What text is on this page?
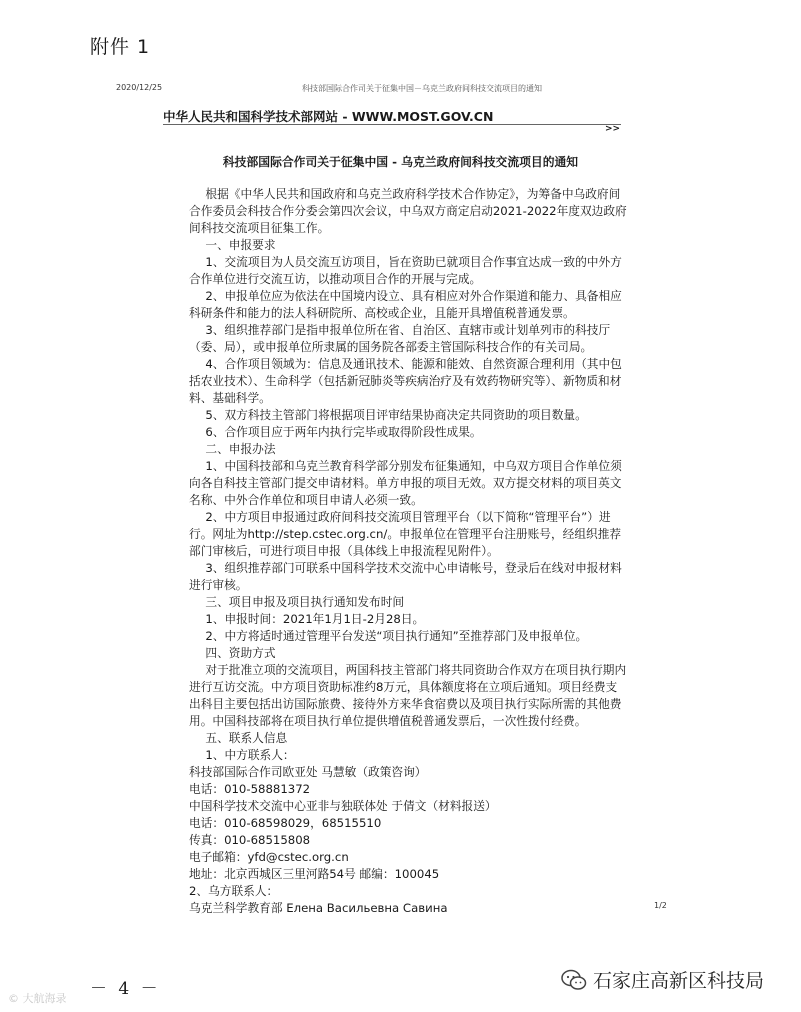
附件 1
2020/12/25	科技部国际合作司关于征集中国－乌克兰政府间科技交流项目的通知
中华人民共和国科学技术部网站 - WWW.MOST.GOV.CN
>>
科技部国际合作司关于征集中国 - 乌克兰政府间科技交流项目的通知

根据《中华人民共和国政府和乌克兰政府科学技术合作协定》，为筹备中乌政府间合作委员会科技合作分委会第四次会议，中乌双方商定启动2021-2022年度双边政府间科技交流项目征集工作。

一、申报要求

1、交流项目为人员交流互访项目，旨在资助已就项目合作事宜达成一致的中外方合作单位进行交流互访，以推动项目合作的开展与完成。

2、申报单位应为依法在中国境内设立、具有相应对外合作渠道和能力、具备相应科研条件和能力的法人科研院所、高校或企业，且能开具增值税普通发票。

3、组织推荐部门是指申报单位所在省、自治区、直辖市或计划单列市的科技厅（委、局），或申报单位所隶属的国务院各部委主管国际科技合作的有关司局。

4、合作项目领域为：信息及通讯技术、能源和能效、自然资源合理利用（其中包括农业技术）、生命科学（包括新冠肺炎等疾病治疗及有效药物研究等）、新物质和材料、基础科学。

5、双方科技主管部门将根据项目评审结果协商决定共同资助的项目数量。

6、合作项目应于两年内执行完毕或取得阶段性成果。

二、申报办法

1、中国科技部和乌克兰教育科学部分别发布征集通知，中乌双方项目合作单位须向各自科技主管部门提交申请材料。单方申报的项目无效。双方提交材料的项目英文名称、中外合作单位和项目申请人必须一致。

2、中方项目申报通过政府间科技交流项目管理平台（以下简称“管理平台”）进行。网址为http://step.cstec.org.cn/。申报单位在管理平台注册账号，经组织推荐部门审核后，可进行项目申报（具体线上申报流程见附件）。

3、组织推荐部门可联系中国科学技术交流中心申请帐号，登录后在线对申报材料进行审核。

三、项目申报及项目执行通知发布时间

1、申报时间：2021年1月1日-2月28日。

2、中方将适时通过管理平台发送“项目执行通知”至推荐部门及申报单位。

四、资助方式

对于批准立项的交流项目，两国科技主管部门将共同资助合作双方在项目执行期内进行互访交流。中方项目资助标准约8万元，具体额度将在立项后通知。项目经费支出科目主要包括出访国际旅费、接待外方来华食宿费以及项目执行实际所需的其他费用。中国科技部将在项目执行单位提供增值税普通发票后，一次性拨付经费。

五、联系人信息

1、中方联系人：

科技部国际合作司欧亚处 马慧敏（政策咨询）

电话：010-58881372

中国科学技术交流中心亚非与独联体处 于倩文（材料报送）

电话：010-68598029，68515510

传真：010-68515808

电子邮箱：yfd@cstec.org.cn

地址：北京西城区三里河路54号 邮编：100045

2、乌方联系人：

乌克兰科学教育部 Елена Васильевна Савина	1/2
－ 4 －
© 大航海录
石家庄高新区科技局
